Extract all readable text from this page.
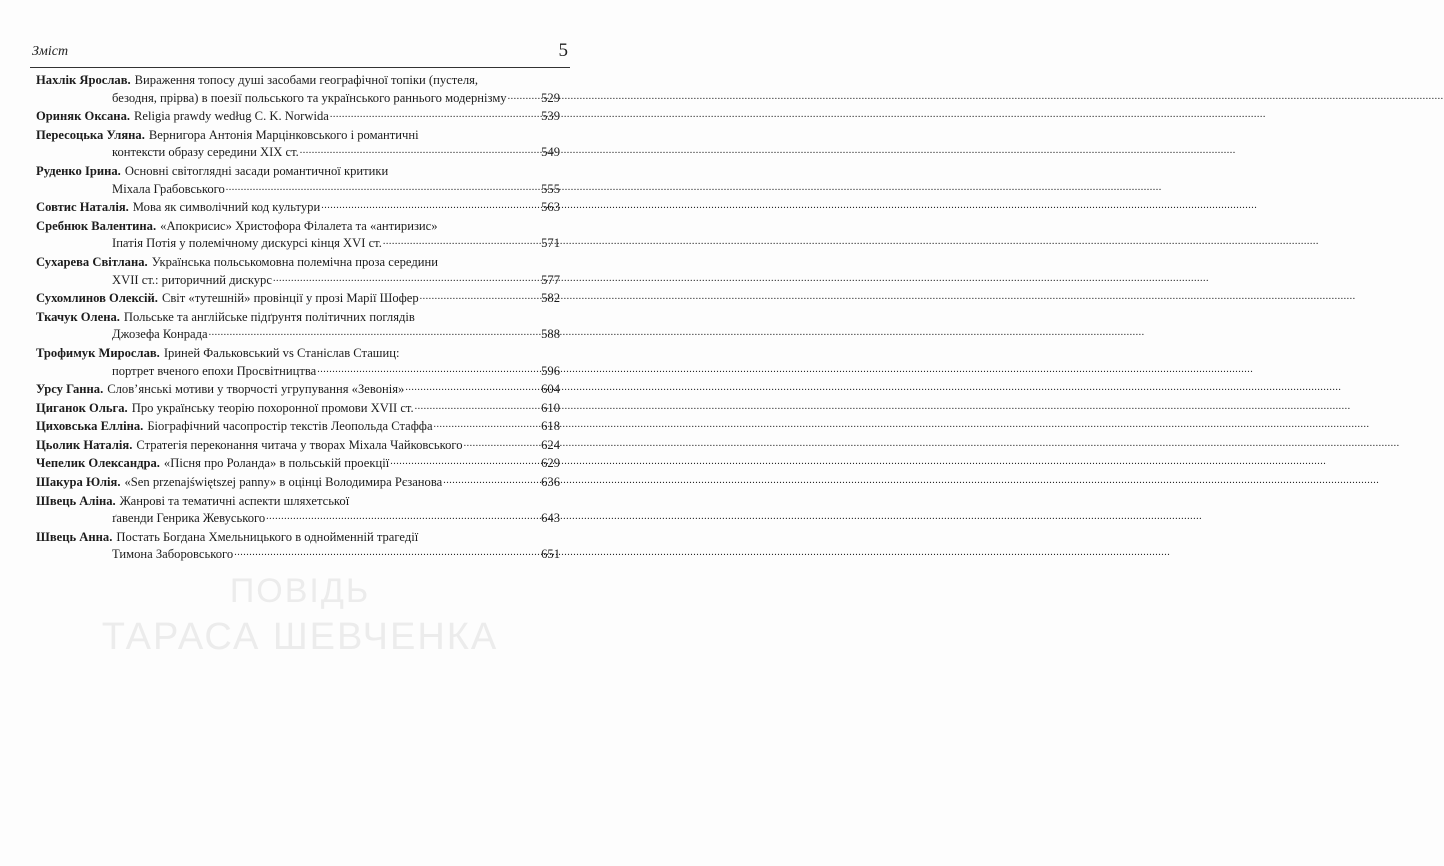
ПОВІДЬ
ТАРАСА ШЕВЧЕНКА
Зміст	5
Нахлік Ярослав. Вираження топосу душі засобами географічної топіки (пустеля,
безодня, прірва) в поезії польського та українського раннього модернізму .....	529
Ориняк Оксана. Religia prawdy według C. K. Norwida .....	539
Пересоцька Уляна. Вернигора Антонія Марцінковського і романтичні
контексти образу середини XIX ст. .....	549
Руденко Ірина. Основні світоглядні засади романтичної критики
Міхала Грабовського .....	555
Совтис Наталія. Мова як символічний код культури .....	563
Сребнюк Валентина. «Апокрисис» Христофора Філалета та «антиризис»
Іпатія Потія у полемічному дискурсі кінця XVI ст. .....	571
Сухарева Світлана. Українська польськомовна полемічна проза середини
XVII ст.: риторичний дискурс .....	577
Сухомлинов Олексій. Світ «тутешній» провінції у прозі Марії Шофер .....	582
Ткачук Олена. Польське та англійське підґрунтя політичних поглядів
Джозефа Конрада .....	588
Трофимук Мирослав. Іриней Фальковський vs Станіслав Сташиц:
портрет вченого епохи Просвітництва .....	596
Урсу Ганна. Слов’янські мотиви у творчості угрупування «Зевонія» .....	604
Циганок Ольга. Про українську теорію похоронної промови XVII ст. .....	610
Циховська Елліна. Біографічний часопростір текстів Леопольда Стаффа .....	618
Цьолик Наталія. Стратегія переконання читача у творах Міхала Чайковського .....	624
Чепелик Олександра. «Пісня про Роланда» в польській проекції .....	629
Шакура Юлія. «Sen przenajświętszej panny» в оцінці Володимира Рєзанова .....	636
Швець Аліна. Жанрові та тематичні аспекти шляхетської
ґавенди Генрика Жевуського .....	643
Швець Анна. Постать Богдана Хмельницького в однойменній трагедії
Тимона Заборовського .....	651
